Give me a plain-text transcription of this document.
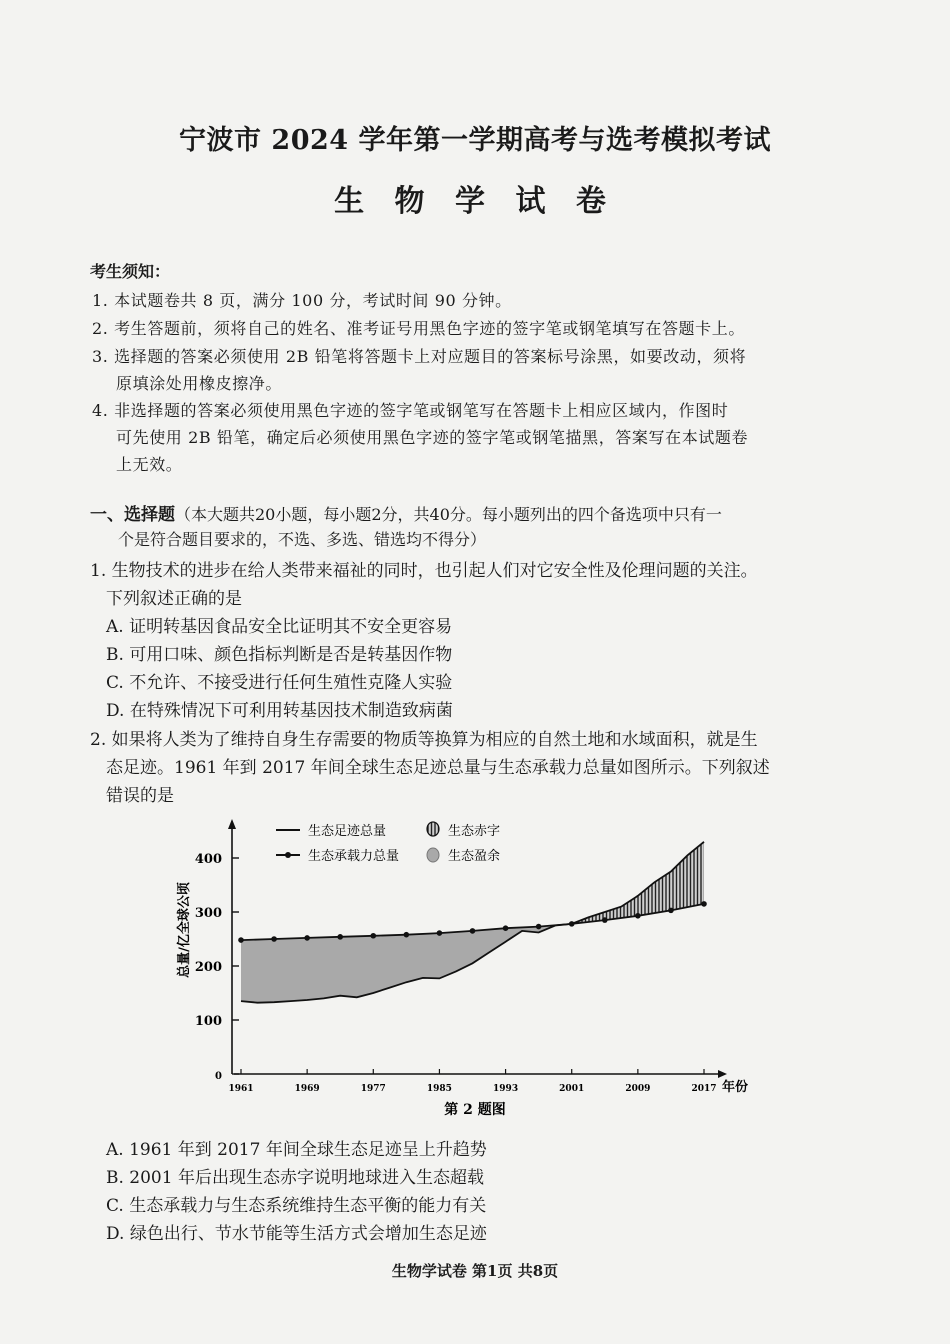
宁波市 2024 学年第一学期高考与选考模拟考试
生 物 学 试 卷
考生须知：
1. 本试题卷共 8 页，满分 100 分，考试时间 90 分钟。
2. 考生答题前，须将自己的姓名、准考证号用黑色字迹的签字笔或钢笔填写在答题卡上。
3. 选择题的答案必须使用 2B 铅笔将答题卡上对应题目的答案标号涂黑，如要改动，须将
原填涂处用橡皮擦净。
4. 非选择题的答案必须使用黑色字迹的签字笔或钢笔写在答题卡上相应区域内，作图时
可先使用 2B 铅笔，确定后必须使用黑色字迹的签字笔或钢笔描黑，答案写在本试题卷
上无效。
一、选择题（本大题共20小题，每小题2分，共40分。每小题列出的四个备选项中只有一
个是符合题目要求的，不选、多选、错选均不得分）
1. 生物技术的进步在给人类带来福祉的同时，也引起人们对它安全性及伦理问题的关注。
下列叙述正确的是
A. 证明转基因食品安全比证明其不安全更容易
B. 可用口味、颜色指标判断是否是转基因作物
C. 不允许、不接受进行任何生殖性克隆人实验
D. 在特殊情况下可利用转基因技术制造致病菌
2. 如果将人类为了维持自身生存需要的物质等换算为相应的自然土地和水域面积，就是生
态足迹。1961 年到 2017 年间全球生态足迹总量与生态承载力总量如图所示。下列叙述
错误的是
0
100
200
300
400
1961	1969	1977	1985	1993	2001	2009	2017
生态足迹总量
生态承载力总量
生态赤字
生态盈余
总量/亿全球公顷
年份
第 2 题图
A. 1961 年到 2017 年间全球生态足迹呈上升趋势
B. 2001 年后出现生态赤字说明地球进入生态超载
C. 生态承载力与生态系统维持生态平衡的能力有关
D. 绿色出行、节水节能等生活方式会增加生态足迹
生物学试卷 第1页 共8页
